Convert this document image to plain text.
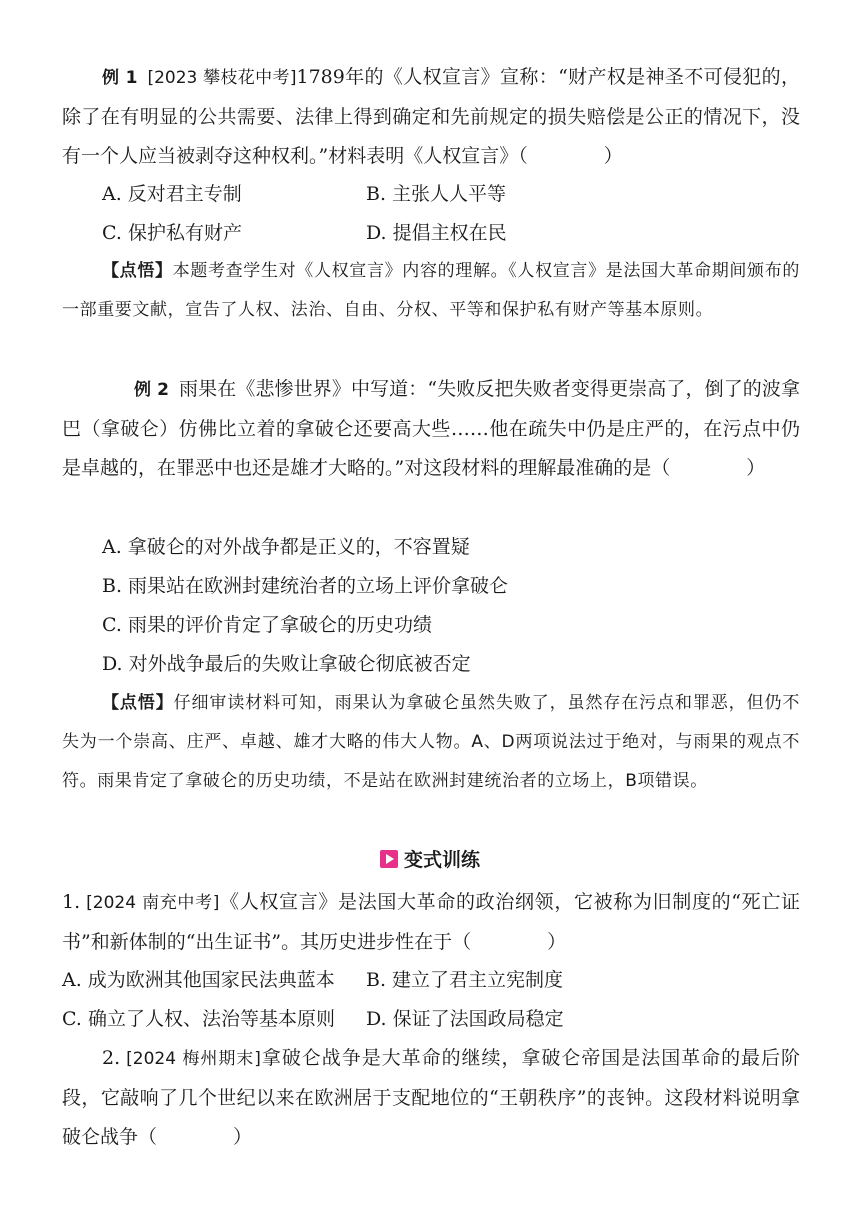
例 1 [2023 攀枝花中考]1789年的《人权宣言》宣称：“财产权是神圣不可侵犯的，除了在有明显的公共需要、法律上得到确定和先前规定的损失赔偿是公正的情况下，没有一个人应当被剥夺这种权利。”材料表明《人权宣言》（　　　　）
A. 反对君主专制	B. 主张人人平等
C. 保护私有财产	D. 提倡主权在民
【点悟】本题考查学生对《人权宣言》内容的理解。《人权宣言》是法国大革命期间颁布的一部重要文献，宣告了人权、法治、自由、分权、平等和保护私有财产等基本原则。
例 2 雨果在《悲惨世界》中写道：“失败反把失败者变得更崇高了，倒了的波拿巴（拿破仑）仿佛比立着的拿破仑还要高大些……他在疏失中仍是庄严的，在污点中仍是卓越的，在罪恶中也还是雄才大略的。”对这段材料的理解最准确的是（　　　　）
A. 拿破仑的对外战争都是正义的，不容置疑
B. 雨果站在欧洲封建统治者的立场上评价拿破仑
C. 雨果的评价肯定了拿破仑的历史功绩
D. 对外战争最后的失败让拿破仑彻底被否定
【点悟】仔细审读材料可知，雨果认为拿破仑虽然失败了，虽然存在污点和罪恶，但仍不失为一个崇高、庄严、卓越、雄才大略的伟大人物。A、D两项说法过于绝对，与雨果的观点不符。雨果肯定了拿破仑的历史功绩，不是站在欧洲封建统治者的立场上，B项错误。
变式训练
1. [2024 南充中考]《人权宣言》是法国大革命的政治纲领，它被称为旧制度的“死亡证书”和新体制的“出生证书”。其历史进步性在于（　　　　）
A. 成为欧洲其他国家民法典蓝本 B. 建立了君主立宪制度
C. 确立了人权、法治等基本原则 D. 保证了法国政局稳定
2. [2024 梅州期末]拿破仑战争是大革命的继续，拿破仑帝国是法国革命的最后阶段，它敲响了几个世纪以来在欧洲居于支配地位的“王朝秩序”的丧钟。这段材料说明拿破仑战争（　　　　）
